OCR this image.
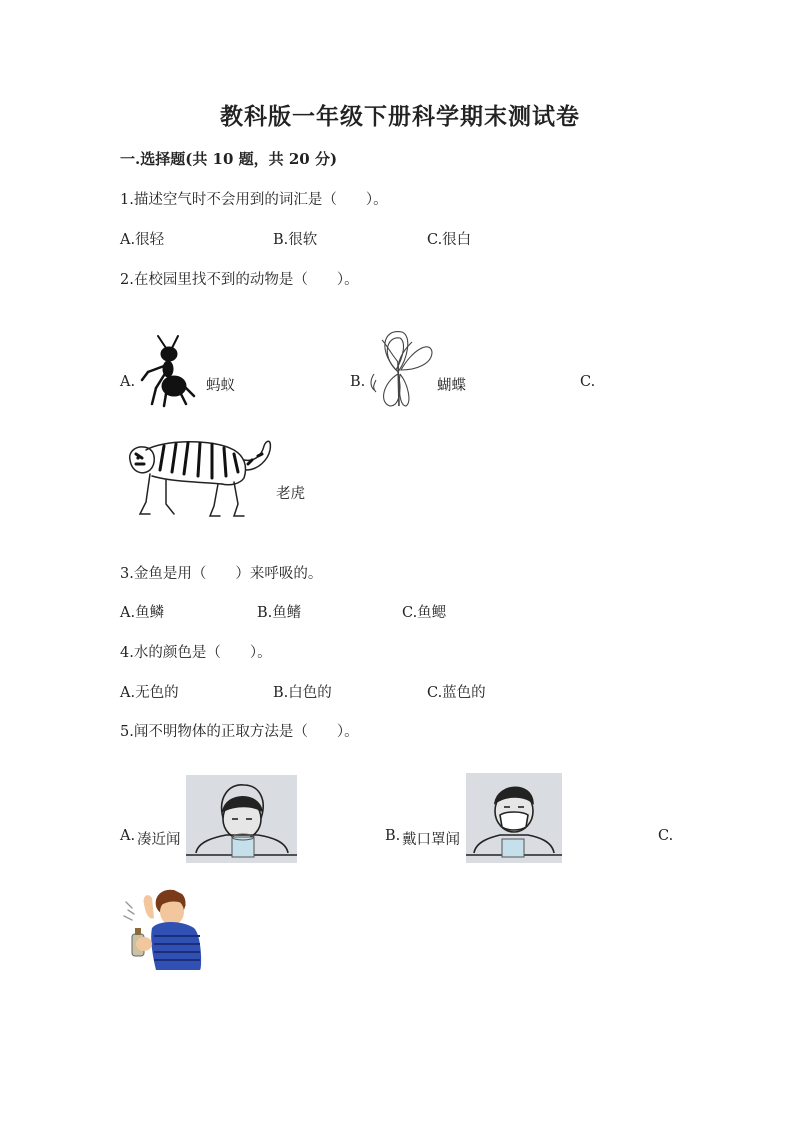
教科版一年级下册科学期末测试卷
一.选择题(共 10 题，共 20 分)
1.描述空气时不会用到的词汇是（　　）。
A.很轻	B.很软	C.很白
2.在校园里找不到的动物是（　　）。
A.	蚂蚁	B.	蝴蝶	C.
老虎
3.金鱼是用（　　）来呼吸的。
A.鱼鳞	B.鱼鳍	C.鱼鳃
4.水的颜色是（　　）。
A.无色的	B.白色的	C.蓝色的
5.闻不明物体的正取方法是（　　）。
A. 凑近闻	B. 戴口罩闻	C.
